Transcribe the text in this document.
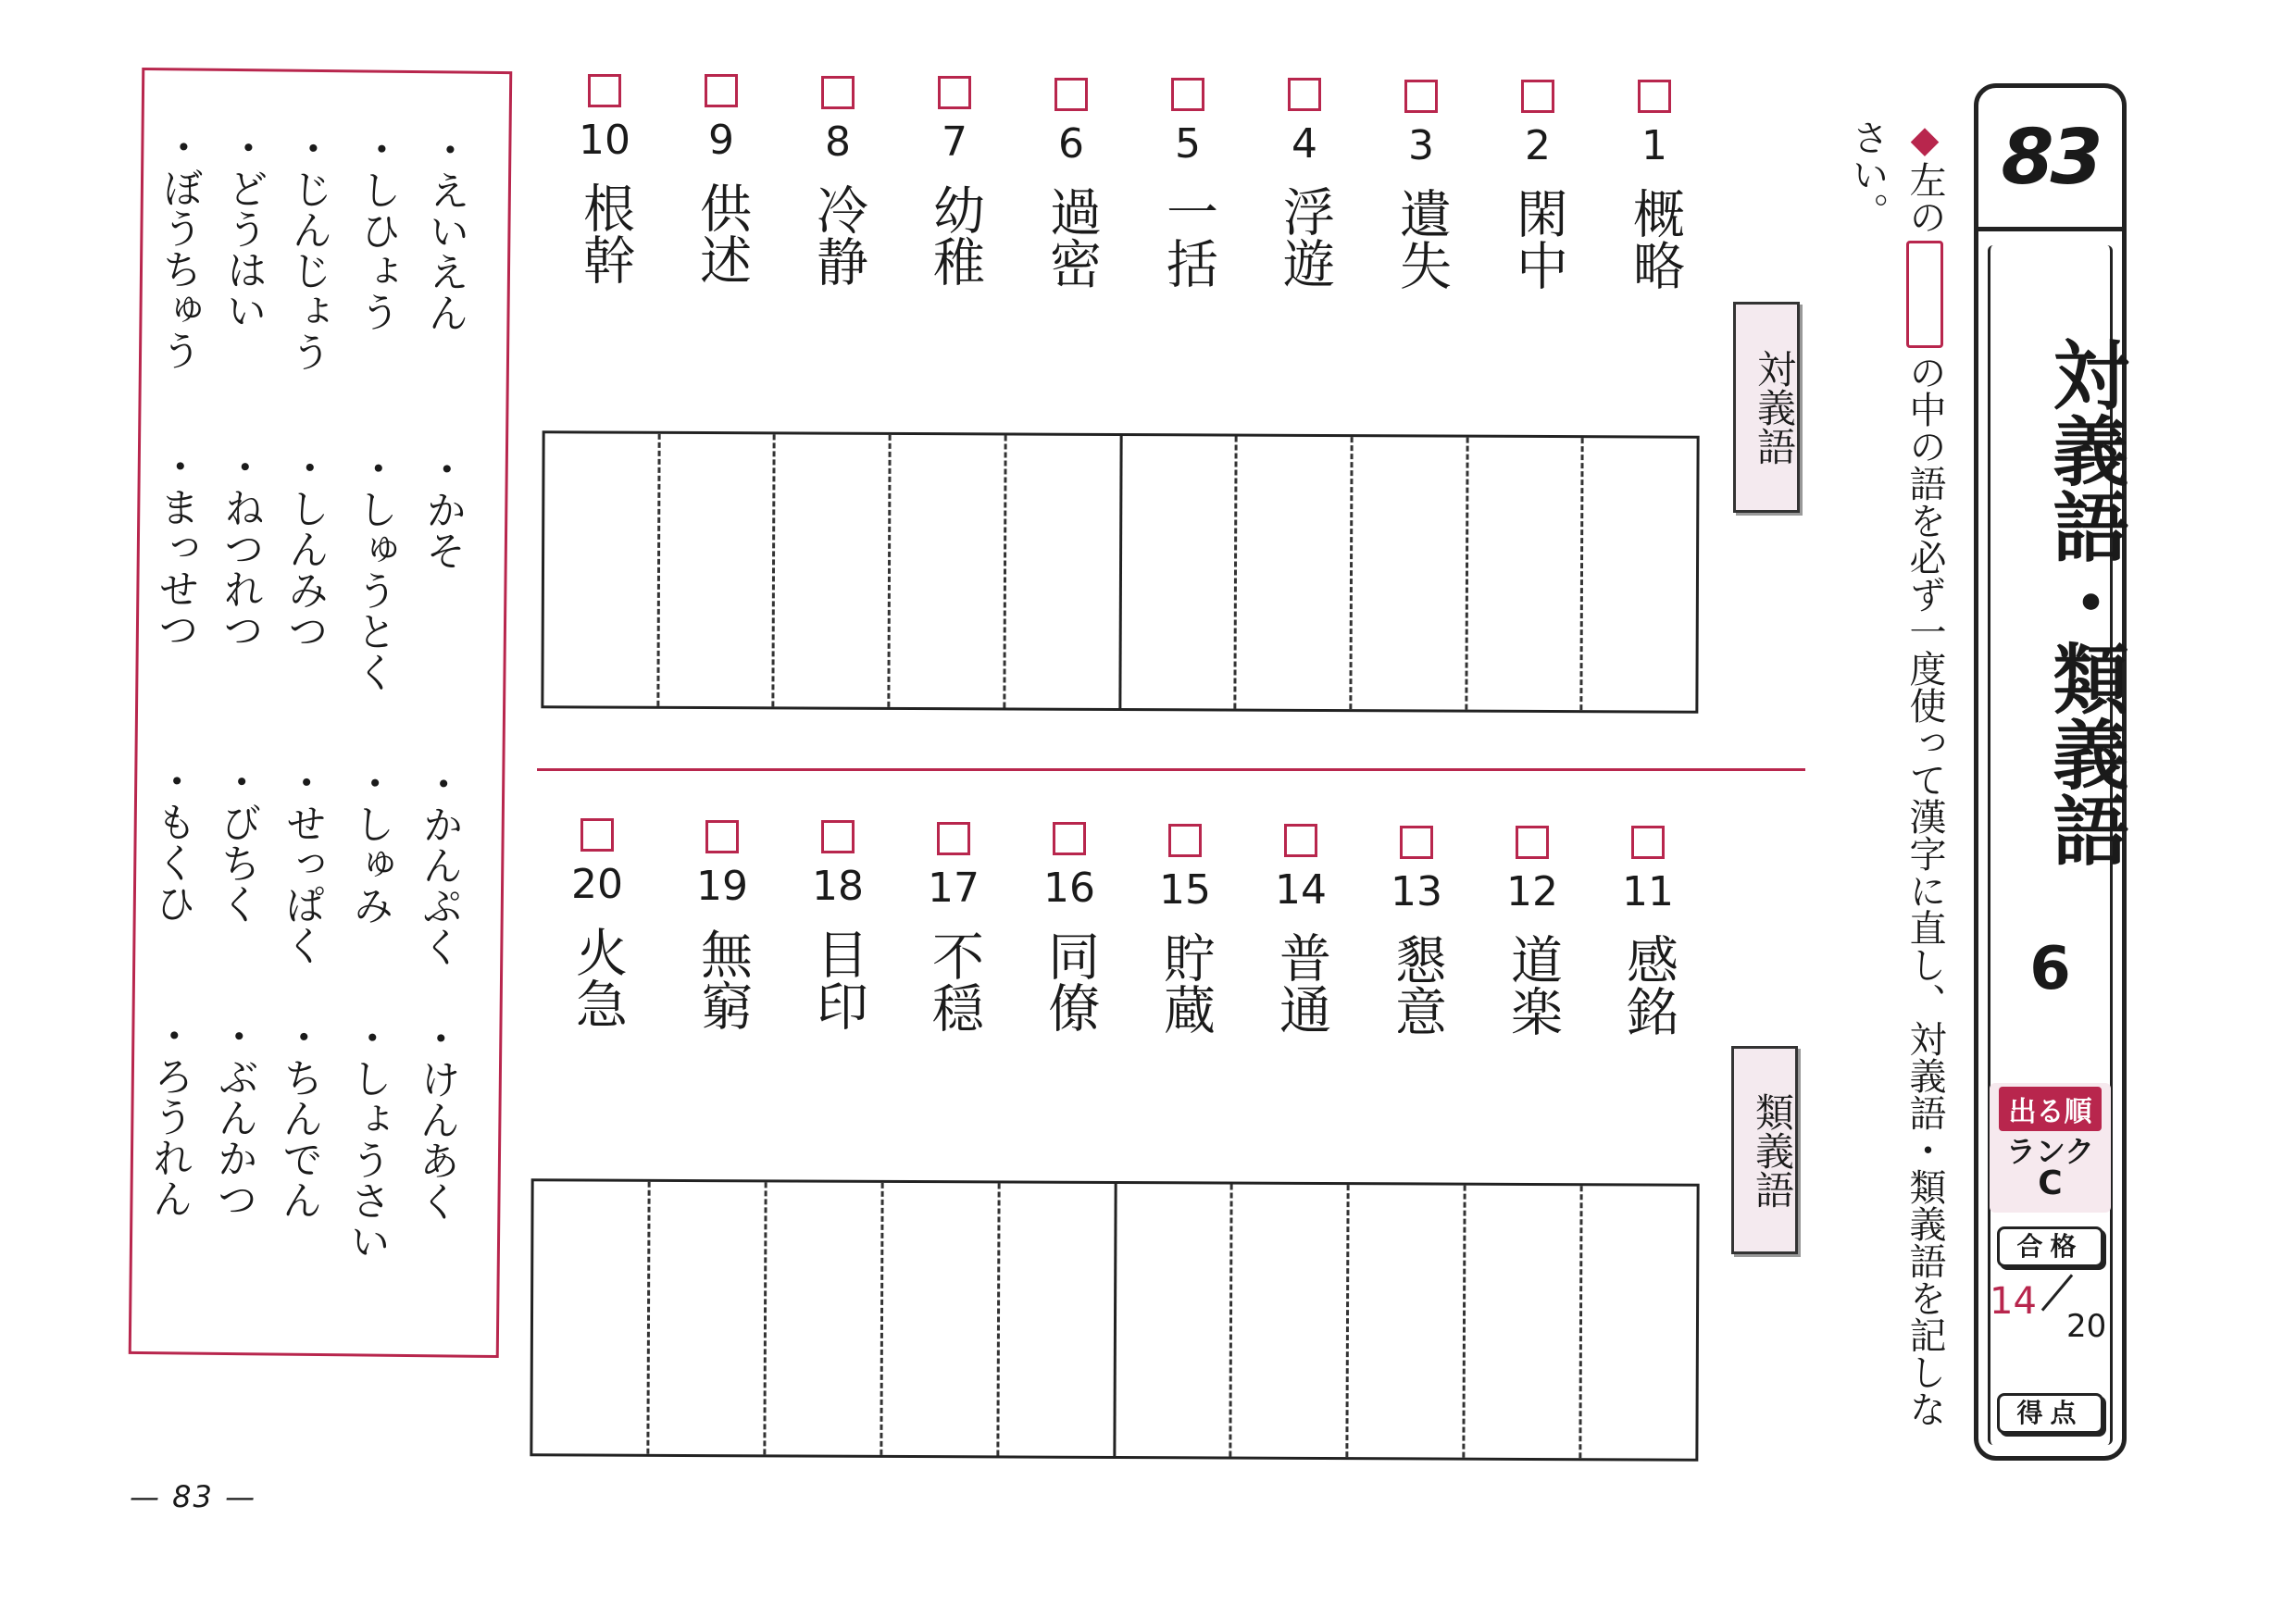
83
対義語・類義語
6
出る順
ランク
C
合格
14
20
得点
◆左のの中の語を必ず一度使って漢字に直し、対義語・類義語を記しなさい。
対義語
類義語
1
概略
2
閑中
3
遺失
4
浮遊
5
一括
6
過密
7
幼稚
8
冷静
9
供述
10
根幹
11
感銘
12
道楽
13
懇意
14
普通
15
貯蔵
16
同僚
17
不穏
18
目印
19
無窮
20
火急
・えいえん
・かそ
・かんぷく
・けんあく
・しひょう
・しゅうとく
・しゅみ
・しょうさい
・じんじょう
・しんみつ
・せっぱく
・ちんでん
・どうはい
・ねつれつ
・びちく
・ぶんかつ
・ぼうちゅう
・まっせつ
・もくひ
・ろうれん
— 83 —
